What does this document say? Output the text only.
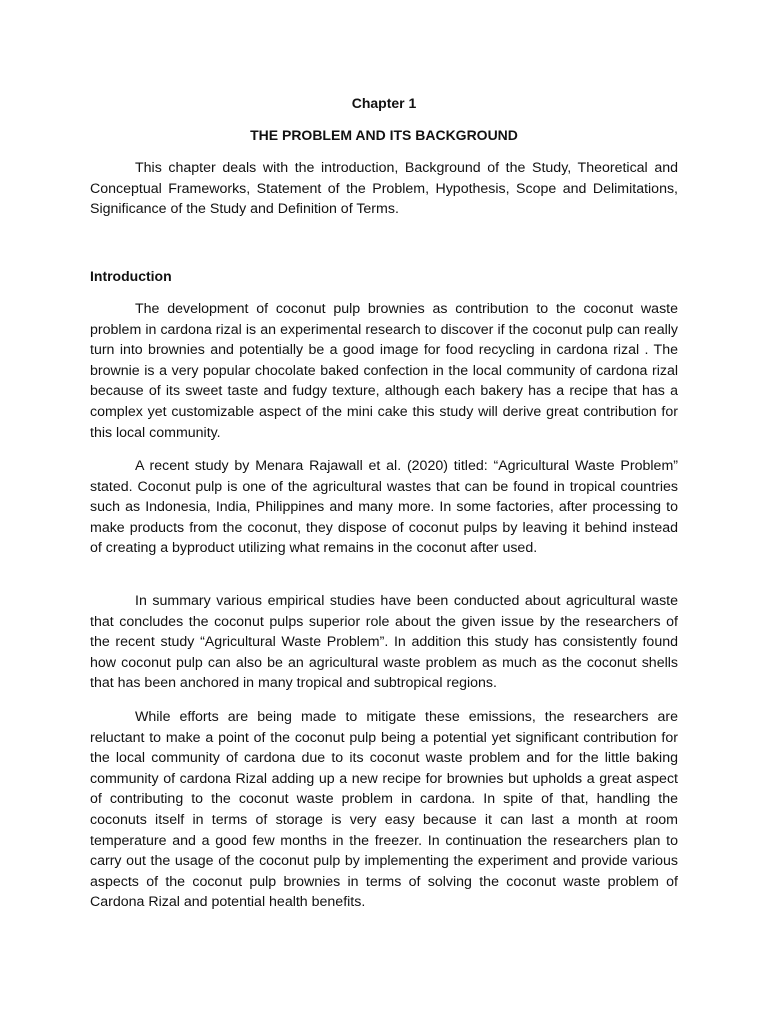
Chapter 1

THE PROBLEM AND ITS BACKGROUND

This chapter deals with the introduction, Background of the Study, Theoretical and Conceptual Frameworks, Statement of the Problem, Hypothesis, Scope and Delimitations, Significance of the Study and Definition of Terms.

Introduction

The development of coconut pulp brownies as contribution to the coconut waste problem in cardona rizal is an experimental research to discover if the coconut pulp can really turn into brownies and potentially be a good image for food recycling in cardona rizal . The brownie is a very popular chocolate baked confection in the local community of cardona rizal because of its sweet taste and fudgy texture, although each bakery has a recipe that has a complex yet customizable aspect of the mini cake this study will derive great contribution for this local community.

A recent study by Menara Rajawall et al. (2020) titled: “Agricultural Waste Problem” stated. Coconut pulp is one of the agricultural wastes that can be found in tropical countries such as Indonesia, India, Philippines and many more. In some factories, after processing to make products from the coconut, they dispose of coconut pulps by leaving it behind instead of creating a byproduct utilizing what remains in the coconut after used.

In summary various empirical studies have been conducted about agricultural waste that concludes the coconut pulps superior role about the given issue by the researchers of the recent study “Agricultural Waste Problem”. In addition this study has consistently found how coconut pulp can also be an agricultural waste problem as much as the coconut shells that has been anchored in many tropical and subtropical regions.

While efforts are being made to mitigate these emissions, the researchers are reluctant to make a point of the coconut pulp being a potential yet significant contribution for the local community of cardona due to its coconut waste problem and for the little baking community of cardona Rizal adding up a new recipe for brownies but upholds a great aspect of contributing to the coconut waste problem in cardona. In spite of that, handling the coconuts itself in terms of storage is very easy because it can last a month at room temperature and a good few months in the freezer. In continuation the researchers plan to carry out the usage of the coconut pulp by implementing the experiment and provide various aspects of the coconut pulp brownies in terms of solving the coconut waste problem of Cardona Rizal and potential health benefits.
